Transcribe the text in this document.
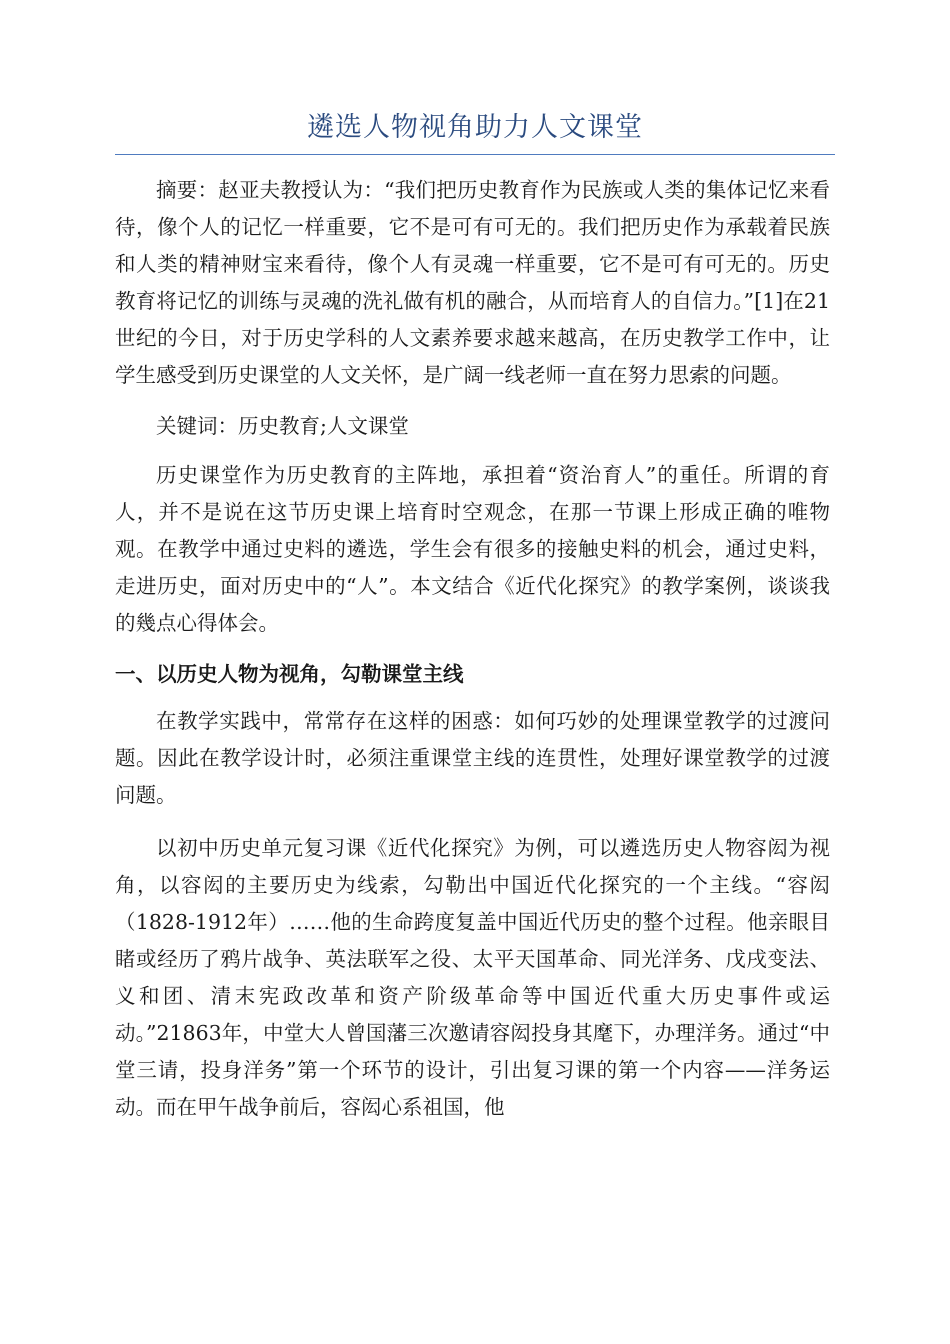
遴选人物视角助力人文课堂

摘要：赵亚夫教授认为：“我们把历史教育作为民族或人类的集体记忆来看待，像个人的记忆一样重要，它不是可有可无的。我们把历史作为承载着民族和人类的精神财宝来看待，像个人有灵魂一样重要，它不是可有可无的。历史教育将记忆的训练与灵魂的洗礼做有机的融合，从而培育人的自信力。”[1]在21世纪的今日，对于历史学科的人文素养要求越来越高，在历史教学工作中，让学生感受到历史课堂的人文关怀，是广阔一线老师一直在努力思索的问题。

关键词：历史教育;人文课堂

历史课堂作为历史教育的主阵地，承担着“资治育人”的重任。所谓的育人，并不是说在这节历史课上培育时空观念，在那一节课上形成正确的唯物观。在教学中通过史料的遴选，学生会有很多的接触史料的机会，通过史料，走进历史，面对历史中的“人”。本文结合《近代化探究》的教学案例，谈谈我的幾点心得体会。

一、以历史人物为视角，勾勒课堂主线

在教学实践中，常常存在这样的困惑：如何巧妙的处理课堂教学的过渡问题。因此在教学设计时，必须注重课堂主线的连贯性，处理好课堂教学的过渡问题。

以初中历史单元复习课《近代化探究》为例，可以遴选历史人物容闳为视角，以容闳的主要历史为线索，勾勒出中国近代化探究的一个主线。“容闳（1828-1912年）……他的生命跨度复盖中国近代历史的整个过程。他亲眼目睹或经历了鸦片战争、英法联军之役、太平天国革命、同光洋务、戊戌变法、义和团、清末宪政改革和资产阶级革命等中国近代重大历史事件或运动。”21863年，中堂大人曾国藩三次邀请容闳投身其麾下，办理洋务。通过“中堂三请，投身洋务”第一个环节的设计，引出复习课的第一个内容——洋务运动。而在甲午战争前后，容闳心系祖国，他
